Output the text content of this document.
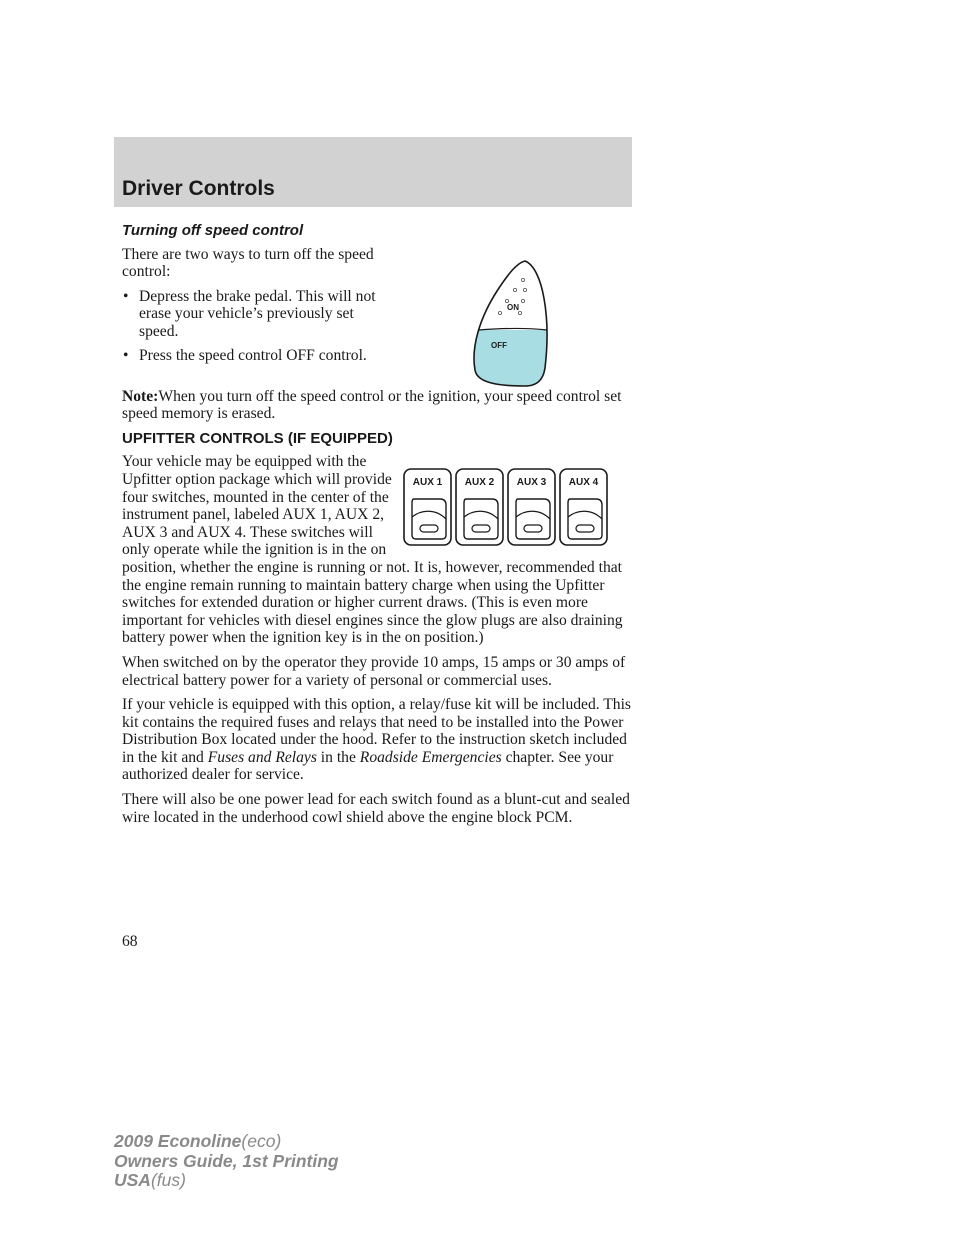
Driver Controls
Turning off speed control
ON
OFF

There are two ways to turn off the speed control:

• Depress the brake pedal. This will not erase your vehicle’s previously set speed.
• Press the speed control OFF control.

Note:When you turn off the speed control or the ignition, your speed control set speed memory is erased.

UPFITTER CONTROLS (IF EQUIPPED)
AUX 1 AUX 2 AUX 3 AUX 4

Your vehicle may be equipped with the Upfitter option package which will provide four switches, mounted in the center of the instrument panel, labeled AUX 1, AUX 2, AUX 3 and AUX 4. These switches will only operate while the ignition is in the on position, whether the engine is running or not. It is, however, recommended that the engine remain running to maintain battery charge when using the Upfitter switches for extended duration or higher current draws. (This is even more important for vehicles with diesel engines since the glow plugs are also draining battery power when the ignition key is in the on position.)

When switched on by the operator they provide 10 amps, 15 amps or 30 amps of electrical battery power for a variety of personal or commercial uses.

If your vehicle is equipped with this option, a relay/fuse kit will be included. This kit contains the required fuses and relays that need to be installed into the Power Distribution Box located under the hood. Refer to the instruction sketch included in the kit and Fuses and Relays in the Roadside Emergencies chapter. See your authorized dealer for service.

There will also be one power lead for each switch found as a blunt-cut and sealed wire located in the underhood cowl shield above the engine block PCM.

68
2009 Econoline(eco)
Owners Guide, 1st Printing
USA(fus)
